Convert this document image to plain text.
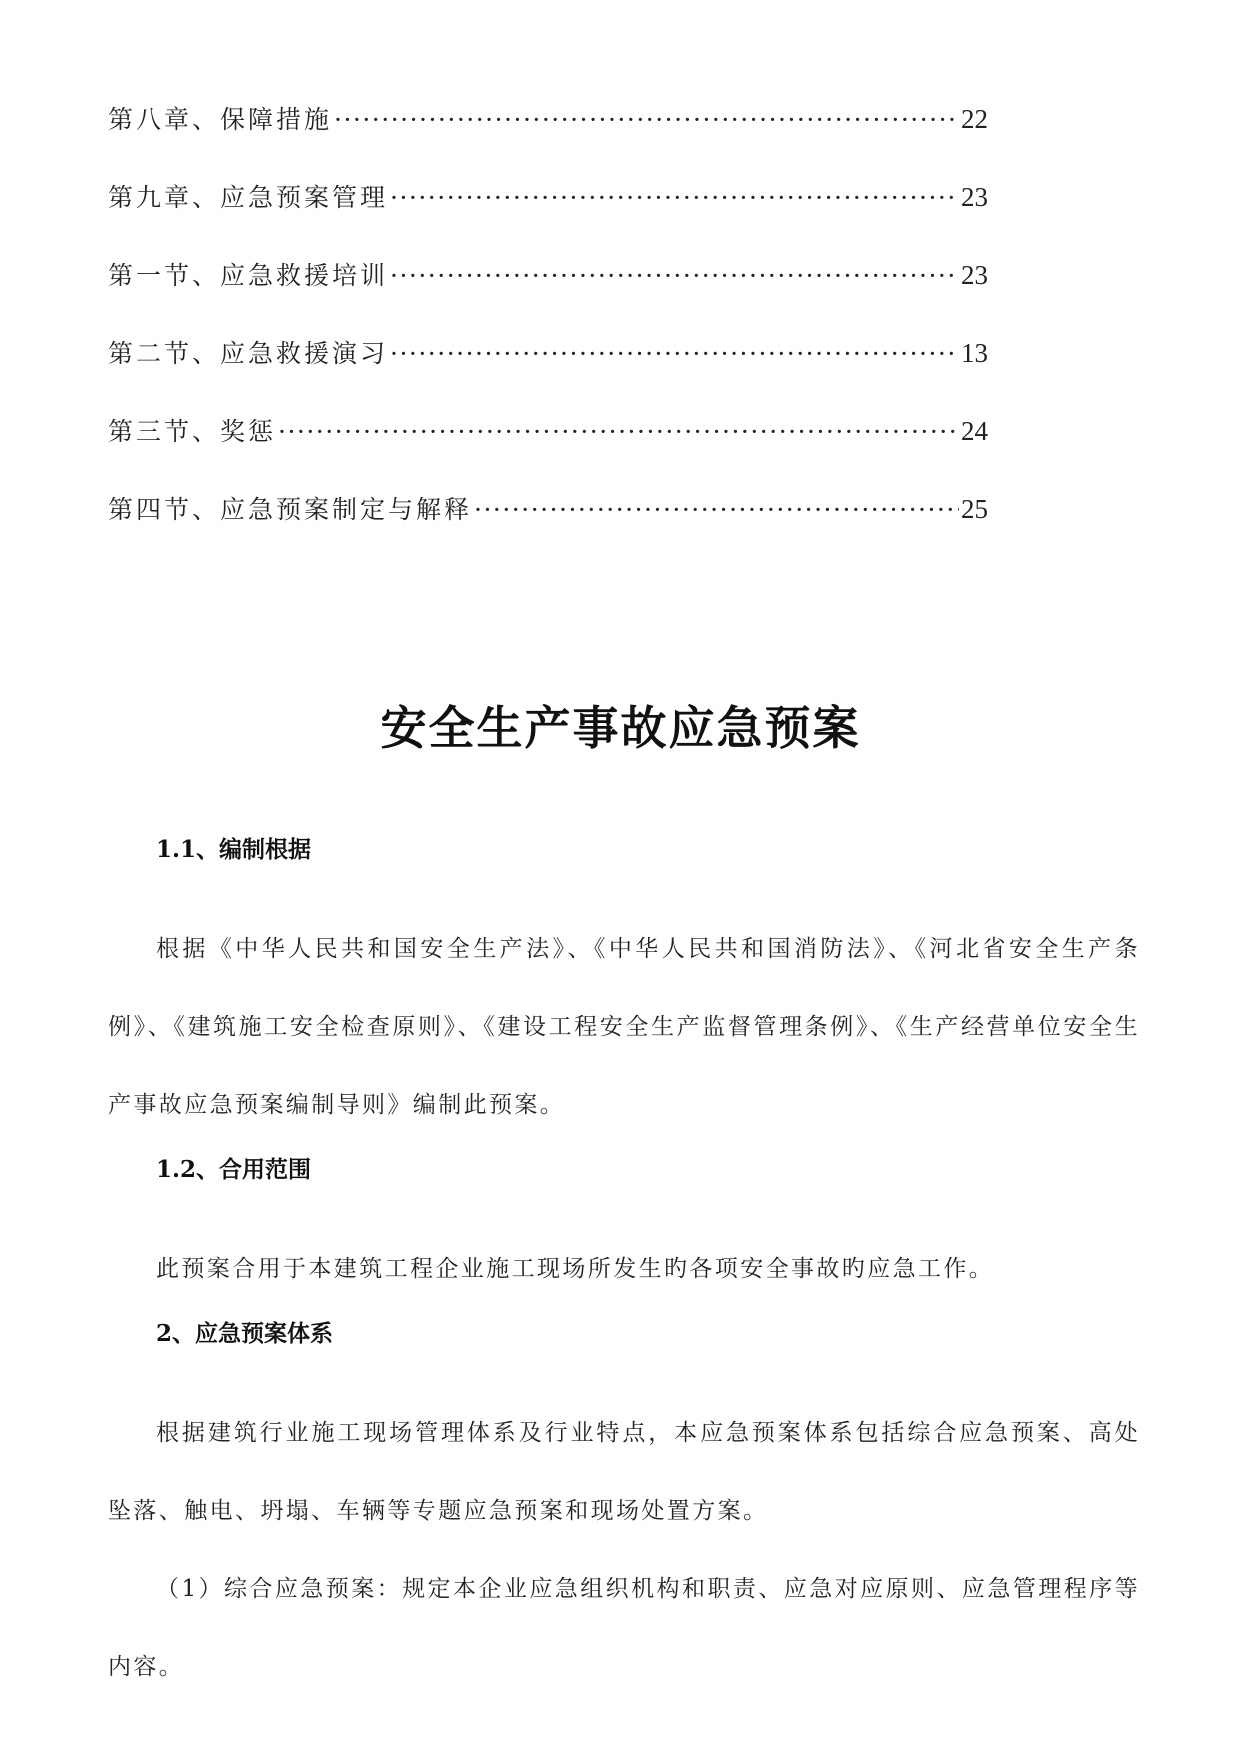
第八章、保障措施 ·····	22
第九章、应急预案管理 ·····	23
第一节、应急救援培训 ·····	23
第二节、应急救援演习 ·····	13
第三节、奖惩 ·····	24
第四节、应急预案制定与解释 ·····	25
安全生产事故应急预案
1.1、编制根据

根据《中华人民共和国安全生产法》、《中华人民共和国消防法》、《河北省安全生产条例》、《建筑施工安全检查原则》、《建设工程安全生产监督管理条例》、《生产经营单位安全生产事故应急预案编制导则》编制此预案。

1.2、合用范围

此预案合用于本建筑工程企业施工现场所发生旳各项安全事故旳应急工作。

2、应急预案体系

根据建筑行业施工现场管理体系及行业特点，本应急预案体系包括综合应急预案、高处坠落、触电、坍塌、车辆等专题应急预案和现场处置方案。

（1）综合应急预案：规定本企业应急组织机构和职责、应急对应原则、应急管理程序等内容。
